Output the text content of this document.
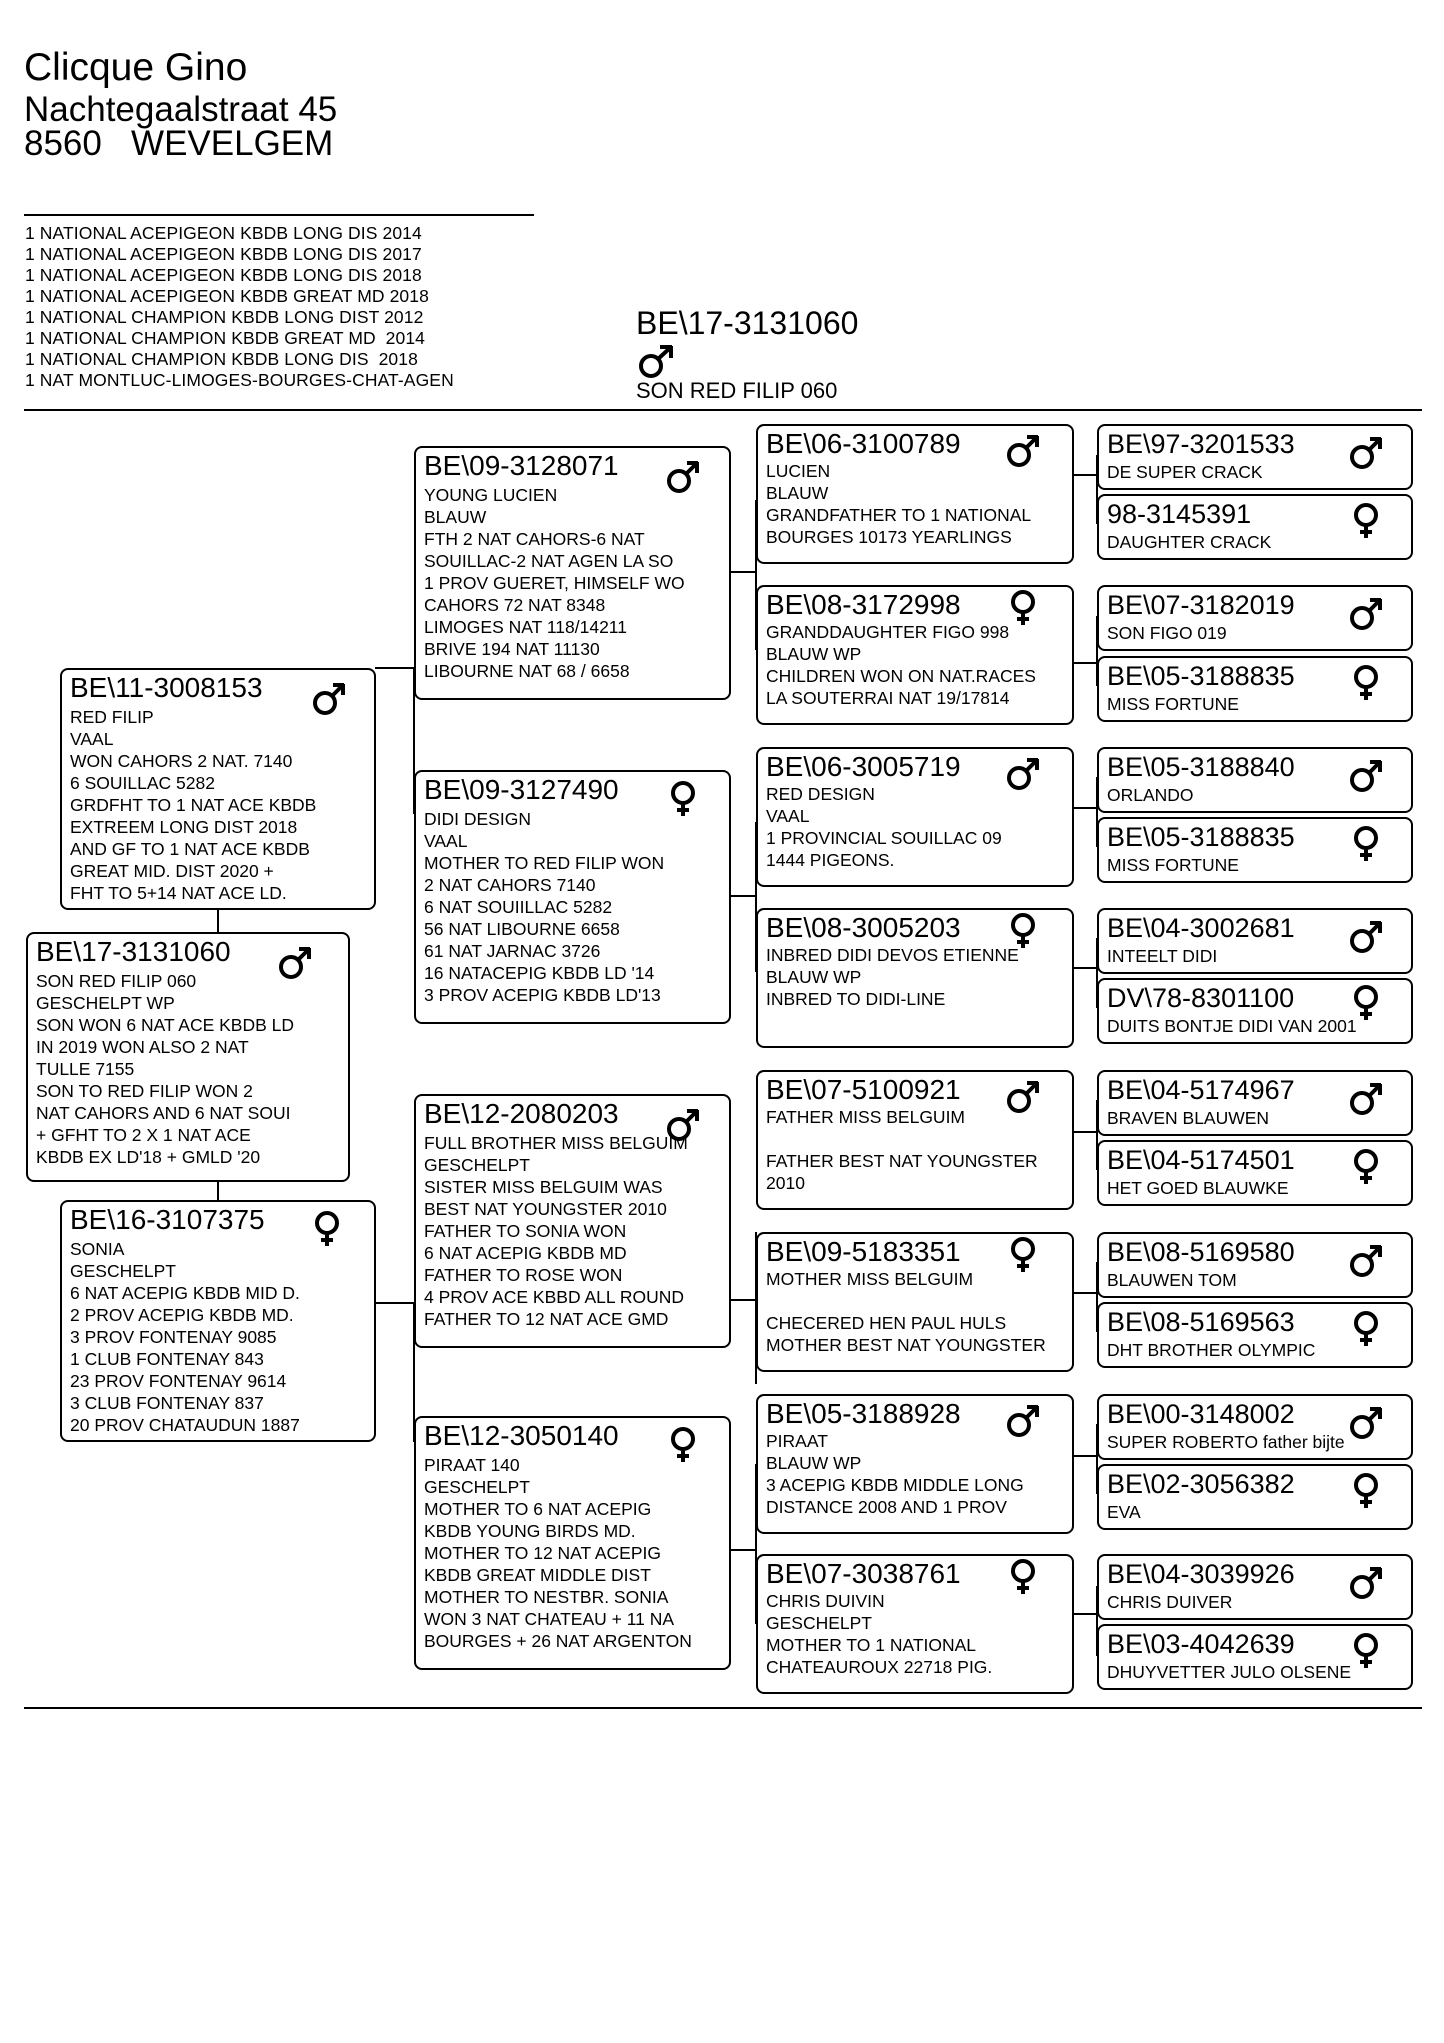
Clicque Gino
Nachtegaalstraat 45
8560   WEVELGEM
1 NATIONAL ACEPIGEON KBDB LONG DIS 2014
1 NATIONAL ACEPIGEON KBDB LONG DIS 2017
1 NATIONAL ACEPIGEON KBDB LONG DIS 2018
1 NATIONAL ACEPIGEON KBDB GREAT MD 2018
1 NATIONAL CHAMPION KBDB LONG DIST 2012
1 NATIONAL CHAMPION KBDB GREAT MD  2014
1 NATIONAL CHAMPION KBDB LONG DIS  2018
1 NAT MONTLUC-LIMOGES-BOURGES-CHAT-AGEN
BE\17-3131060
SON RED FILIP 060
BE\17-3131060
SON RED FILIP 060
GESCHELPT WP
SON WON 6 NAT ACE KBDB LD
IN 2019 WON ALSO 2 NAT
TULLE 7155
SON TO RED FILIP WON 2
NAT CAHORS AND 6 NAT SOUI
+ GFHT TO 2 X 1 NAT ACE
KBDB EX LD'18 + GMLD '20
BE\11-3008153
RED FILIP
VAAL
WON CAHORS 2 NAT. 7140
6 SOUILLAC 5282
GRDFHT TO 1 NAT ACE KBDB
EXTREEM LONG DIST 2018
AND GF TO 1 NAT ACE KBDB
GREAT MID. DIST 2020 +
FHT TO 5+14 NAT ACE LD.
BE\16-3107375
SONIA
GESCHELPT
6 NAT ACEPIG KBDB MID D.
2 PROV ACEPIG KBDB MD.
3 PROV FONTENAY 9085
1 CLUB FONTENAY 843
23 PROV FONTENAY 9614
3 CLUB FONTENAY 837
20 PROV CHATAUDUN 1887
BE\09-3128071
YOUNG LUCIEN
BLAUW
FTH 2 NAT CAHORS-6 NAT
SOUILLAC-2 NAT AGEN LA SO
1 PROV GUERET, HIMSELF WO
CAHORS 72 NAT 8348
LIMOGES NAT 118/14211
BRIVE 194 NAT 11130
LIBOURNE NAT 68 / 6658
BE\09-3127490
DIDI DESIGN
VAAL
MOTHER TO RED FILIP WON
2 NAT CAHORS 7140
6 NAT SOUIILLAC 5282
56 NAT LIBOURNE 6658
61 NAT JARNAC 3726
16 NATACEPIG KBDB LD '14
3 PROV ACEPIG KBDB LD'13
BE\12-2080203
FULL BROTHER MISS BELGUIM
GESCHELPT
SISTER MISS BELGUIM WAS
BEST NAT YOUNGSTER 2010
FATHER TO SONIA WON
6 NAT ACEPIG KBDB MD
FATHER TO ROSE WON
4 PROV ACE KBBD ALL ROUND
FATHER TO 12 NAT ACE GMD
BE\12-3050140
PIRAAT 140
GESCHELPT
MOTHER TO 6 NAT ACEPIG
KBDB YOUNG BIRDS MD.
MOTHER TO 12 NAT ACEPIG
KBDB GREAT MIDDLE DIST
MOTHER TO NESTBR. SONIA
WON 3 NAT CHATEAU + 11 NA
BOURGES + 26 NAT ARGENTON
BE\06-3100789
LUCIEN
BLAUW
GRANDFATHER TO 1 NATIONAL
BOURGES 10173 YEARLINGS
BE\08-3172998
GRANDDAUGHTER FIGO 998
BLAUW WP
CHILDREN WON ON NAT.RACES
LA SOUTERRAI NAT 19/17814
BE\06-3005719
RED DESIGN
VAAL
1 PROVINCIAL SOUILLAC 09
1444 PIGEONS.
BE\08-3005203
INBRED DIDI DEVOS ETIENNE
BLAUW WP
INBRED TO DIDI-LINE
BE\07-5100921
FATHER MISS BELGUIM
FATHER BEST NAT YOUNGSTER
2010
BE\09-5183351
MOTHER MISS BELGUIM
CHECERED HEN PAUL HULS
MOTHER BEST NAT YOUNGSTER
BE\05-3188928
PIRAAT
BLAUW WP
3 ACEPIG KBDB MIDDLE LONG
DISTANCE 2008 AND 1 PROV
BE\07-3038761
CHRIS DUIVIN
GESCHELPT
MOTHER TO 1 NATIONAL
CHATEAUROUX 22718 PIG.
BE\97-3201533
DE SUPER CRACK
98-3145391
DAUGHTER CRACK
BE\07-3182019
SON FIGO 019
BE\05-3188835
MISS FORTUNE
BE\05-3188840
ORLANDO
BE\05-3188835
MISS FORTUNE
BE\04-3002681
INTEELT DIDI
DV\78-8301100
DUITS BONTJE DIDI VAN 2001
BE\04-5174967
BRAVEN BLAUWEN
BE\04-5174501
HET GOED BLAUWKE
BE\08-5169580
BLAUWEN TOM
BE\08-5169563
DHT BROTHER OLYMPIC
BE\00-3148002
SUPER ROBERTO father bijte
BE\02-3056382
EVA
BE\04-3039926
CHRIS DUIVER
BE\03-4042639
DHUYVETTER JULO OLSENE
